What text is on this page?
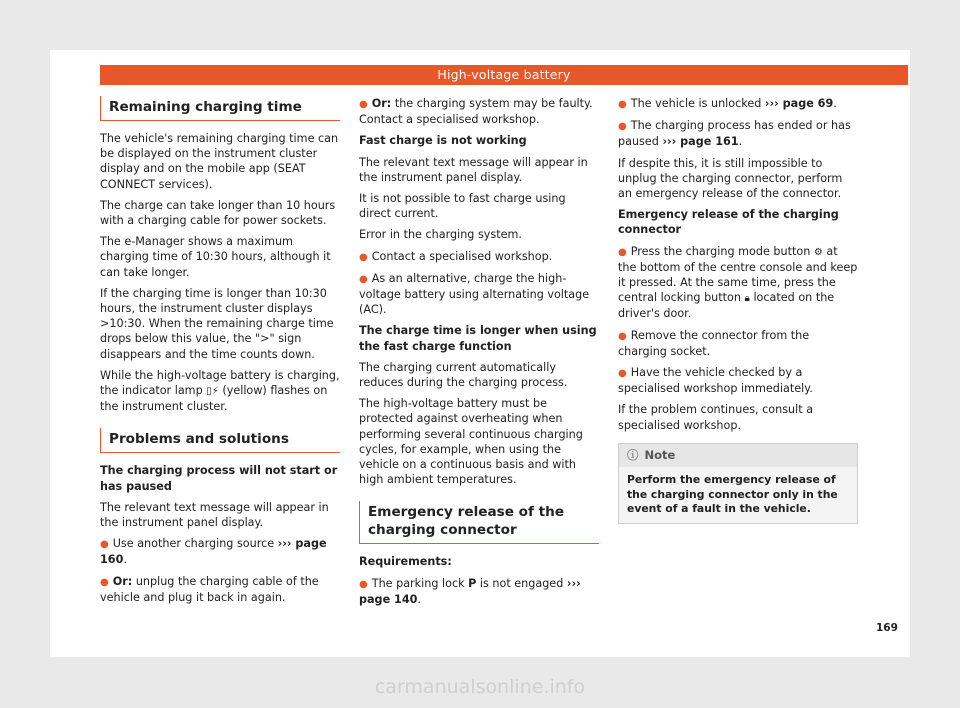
High-voltage battery
Remaining charging time

The vehicle's remaining charging time can be displayed on the instrument cluster display and on the mobile app (SEAT CONNECT services).

The charge can take longer than 10 hours with a charging cable for power sockets.

The e-Manager shows a maximum charging time of 10:30 hours, although it can take longer.

If the charging time is longer than 10:30 hours, the instrument cluster displays >10:30. When the remaining charge time drops below this value, the ">" sign disappears and the time counts down.

While the high-voltage battery is charging, the indicator lamp ▯⚡ (yellow) flashes on the instrument cluster.

Problems and solutions

The charging process will not start or has paused

The relevant text message will appear in the instrument panel display.

● Use another charging source ››› page 160.

● Or: unplug the charging cable of the vehicle and plug it back in again.

● Or: the charging system may be faulty. Contact a specialised workshop.

Fast charge is not working

The relevant text message will appear in the instrument panel display.

It is not possible to fast charge using direct current.

Error in the charging system.

● Contact a specialised workshop.

● As an alternative, charge the high-voltage battery using alternating voltage (AC).

The charge time is longer when using the fast charge function

The charging current automatically reduces during the charging process.

The high-voltage battery must be protected against overheating when performing several continuous charging cycles, for example, when using the vehicle on a continuous basis and with high ambient temperatures.

Emergency release of the charging connector

Requirements:

● The parking lock P is not engaged ››› page 140.

● The vehicle is unlocked ››› page 69.

● The charging process has ended or has paused ››› page 161.

If despite this, it is still impossible to unplug the charging connector, perform an emergency release of the connector.

Emergency release of the charging connector

● Press the charging mode button ⚙ at the bottom of the centre console and keep it pressed. At the same time, press the central locking button 🔒︎ located on the driver's door.

● Remove the connector from the charging socket.

● Have the vehicle checked by a specialised workshop immediately.

If the problem continues, consult a specialised workshop.

ⓘ Note
Perform the emergency release of the charging connector only in the event of a fault in the vehicle.
169
carmanualsonline.info
